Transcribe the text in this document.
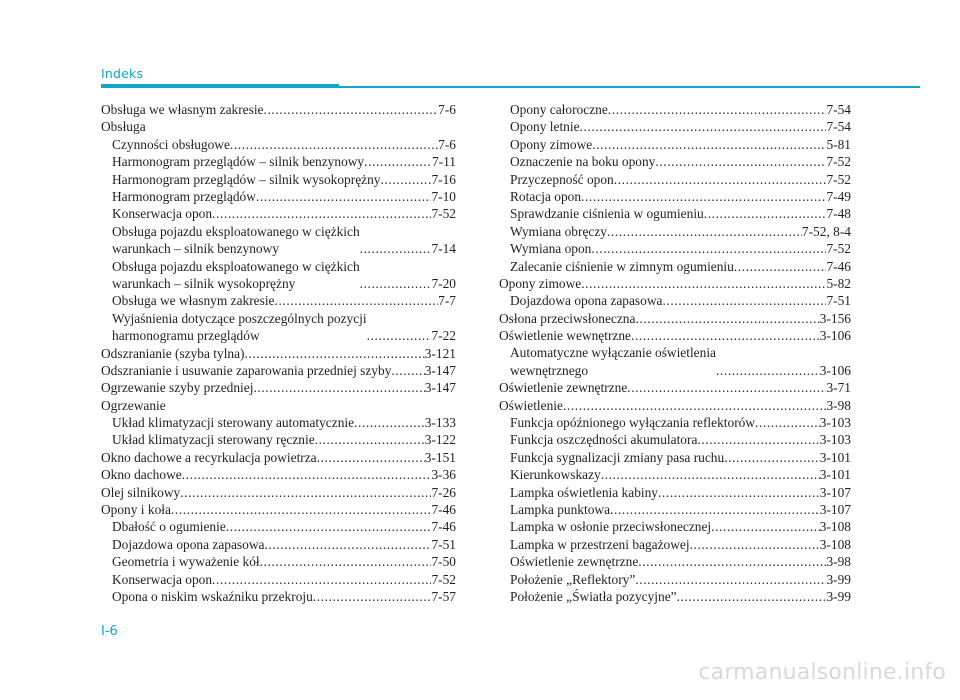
Indeks
Obsługa we własnym zakresie .....	7-6
Obsługa
Czynności obsługowe .....	7-6
Harmonogram przeglądów – silnik benzynowy .....	7-11
Harmonogram przeglądów – silnik wysokoprężny .....	.7-16
Harmonogram przeglądów .....	7-10
Konserwacja opon .....	7-52
Obsługa pojazdu eksploatowanego w ciężkich
warunkach – silnik benzynowy .....	7-14
Obsługa pojazdu eksploatowanego w ciężkich
warunkach – silnik wysokoprężny .....	7-20
Obsługa we własnym zakresie .....	7-7
Wyjaśnienia dotyczące poszczególnych pozycji
harmonogramu przeglądów .....	7-22
Odszranianie (szyba tylna) .....	3-121
Odszranianie i usuwanie zaparowania przedniej szyby ..... 3-147
Ogrzewanie szyby przedniej .....	3-147
Ogrzewanie
Układ klimatyzacji sterowany automatycznie .....	3-133
Układ klimatyzacji sterowany ręcznie .....	3-122
Okno dachowe a recyrkulacja powietrza .....	3-151
Okno dachowe .....	3-36
Olej silnikowy .....	7-26
Opony i koła .....	7-46
Dbałość o ogumienie .....	7-46
Dojazdowa opona zapasowa .....	7-51
Geometria i wyważenie kół .....	7-50
Konserwacja opon .....	7-52
Opona o niskim wskaźniku przekroju .....	7-57
Opony całoroczne .....	7-54
Opony letnie .....	7-54
Opony zimowe .....	5-81
Oznaczenie na boku opony .....	7-52
Przyczepność opon .....	7-52
Rotacja opon .....	7-49
Sprawdzanie ciśnienia w ogumieniu .....	7-48
Wymiana obręczy .....	7-52, 8-4
Wymiana opon .....	7-52
Zalecanie ciśnienie w zimnym ogumieniu .....	7-46
Opony zimowe .....	5-82
Dojazdowa opona zapasowa .....	7-51
Osłona przeciwsłoneczna .....	3-156
Oświetlenie wewnętrzne .....	3-106
Automatyczne wyłączanie oświetlenia
wewnętrznego .....	3-106
Oświetlenie zewnętrzne .....	3-71
Oświetlenie .....	3-98
Funkcja opóźnionego wyłączania reflektorów .....	3-103
Funkcja oszczędności akumulatora .....	3-103
Funkcja sygnalizacji zmiany pasa ruchu .....	3-101
Kierunkowskazy .....	3-101
Lampka oświetlenia kabiny .....	3-107
Lampka punktowa .....	3-107
Lampka w osłonie przeciwsłonecznej .....	3-108
Lampka w przestrzeni bagażowej .....	3-108
Oświetlenie zewnętrzne .....	3-98
Położenie „Reflektory” .....	3-99
Położenie „Światła pozycyjne” .....	3-99
I-6
carmanualsonline.info
